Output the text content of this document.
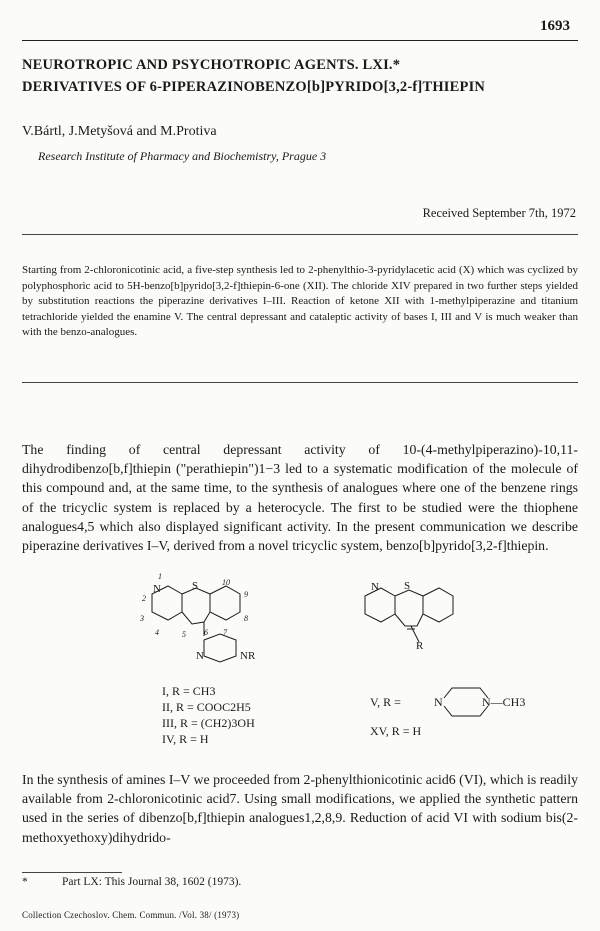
1693
NEUROTROPIC AND PSYCHOTROPIC AGENTS. LXI.*
DERIVATIVES OF 6-PIPERAZINOBENZO[b]PYRIDO[3,2-f]THIEPIN
V.Bártl, J.Metyšová and M.Protiva
Research Institute of Pharmacy and Biochemistry, Prague 3
Received September 7th, 1972
Starting from 2-chloronicotinic acid, a five-step synthesis led to 2-phenylthio-3-pyridylacetic acid (X) which was cyclized by polyphosphoric acid to 5H-benzo[b]pyrido[3,2-f]thiepin-6-one (XII). The chloride XIV prepared in two further steps yielded by substitution reactions the piperazine derivatives I–III. Reaction of ketone XII with 1-methylpiperazine and titanium tetrachloride yielded the enamine V. The central depressant and cataleptic activity of bases I, III and V is much weaker than with the benzo-analogues.
The finding of central depressant activity of 10-(4-methylpiperazino)-10,11-dihydrodibenzo[b,f]thiepin ("perathiepin")1−3 led to a systematic modification of the molecule of this compound and, at the same time, to the synthesis of analogues where one of the benzene rings of the tricyclic system is replaced by a heterocycle. The first to be studied were the thiophene analogues4,5 which also displayed significant activity. In the present communication we describe piperazine derivatives I–V, derived from a novel tricyclic system, benzo[b]pyrido[3,2-f]thiepin.
N	S
N	NR
1
2
3
4	5 6 7
8
9
10	N S
R
I, R = CH3
II, R = COOC2H5
III, R = (CH2)3OH
IV, R = H
V, R =	N	N—CH3
XV, R = H
In the synthesis of amines I–V we proceeded from 2-phenylthionicotinic acid6 (VI), which is readily available from 2-chloronicotinic acid7. Using small modifications, we applied the synthetic pattern used in the series of dibenzo[b,f]thiepin analogues1,2,8,9. Reduction of acid VI with sodium bis(2-methoxyethoxy)dihydrido-
*	Part LX: This Journal 38, 1602 (1973).
Collection Czechoslov. Chem. Commun. /Vol. 38/ (1973)
